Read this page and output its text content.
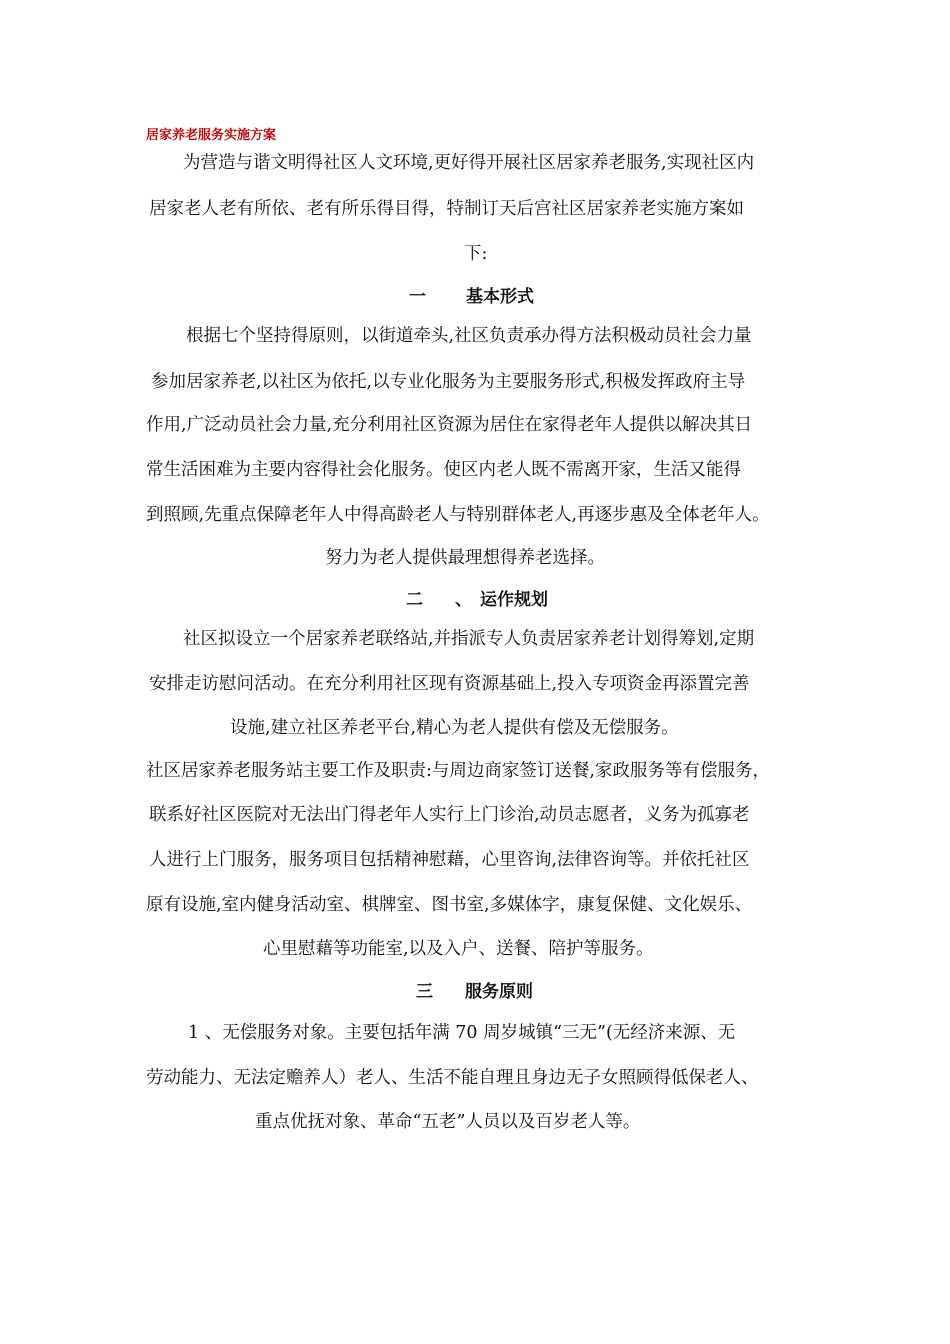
居家养老服务实施方案
为营造与谐文明得社区人文环境,更好得开展社区居家养老服务,实现社区内
居家老人老有所依、老有所乐得目得，特制订天后宫社区居家养老实施方案如
下:
一 基本形式
根据七个坚持得原则，以街道牵头,社区负责承办得方法积极动员社会力量
参加居家养老,以社区为依托,以专业化服务为主要服务形式,积极发挥政府主导
作用,广泛动员社会力量,充分利用社区资源为居住在家得老年人提供以解决其日
常生活困难为主要内容得社会化服务。使区内老人既不需离开家，生活又能得
到照顾,先重点保障老年人中得高龄老人与特别群体老人,再逐步惠及全体老年人。
努力为老人提供最理想得养老选择。
二 、 运作规划
社区拟设立一个居家养老联络站,并指派专人负责居家养老计划得筹划,定期
安排走访慰问活动。在充分利用社区现有资源基础上,投入专项资金再添置完善
设施,建立社区养老平台,精心为老人提供有偿及无偿服务。
社区居家养老服务站主要工作及职责:与周边商家签订送餐,家政服务等有偿服务，
联系好社区医院对无法出门得老年人实行上门诊治,动员志愿者，义务为孤寡老
人进行上门服务，服务项目包括精神慰藉，心里咨询,法律咨询等。并依托社区
原有设施,室内健身活动室、棋牌室、图书室,多媒体字，康复保健、文化娱乐、
心里慰藉等功能室,以及入户、送餐、陪护等服务。
三 服务原则
1 、无偿服务对象。主要包括年满 70 周岁城镇“三无”(无经济来源、无
劳动能力、无法定赡养人）老人、生活不能自理且身边无子女照顾得低保老人、
重点优抚对象、革命“五老”人员以及百岁老人等。
